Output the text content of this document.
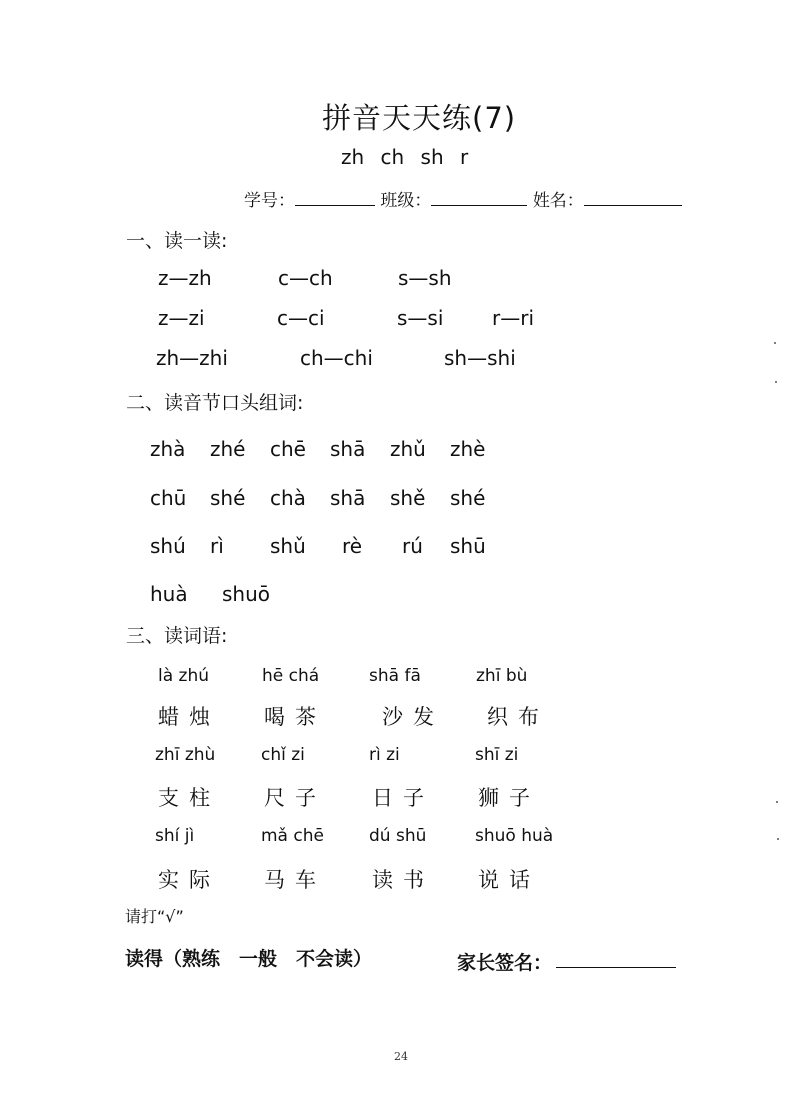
拼音天天练(7)
zh ch sh r
学号：	班级：	姓名：
一、读一读:
z—zh	c—ch	s—sh
z—zi	c—ci	s—si r—ri
zh—zhi	ch—chi	sh—shi
二、读音节口头组词:
zhà zhé chē shā zhǔ zhè
chū shé chà shā shě shé
shú rì shǔ rè rú shū
huà shuō
三、读词语:
là zhú	hē chá	shā fā	zhī bù
蜡烛 喝茶	沙发 织布
zhī zhù	chǐ zi	rì zi	shī zi
支柱 尺子 日子 狮子
shí jì	mǎ chē	dú shū	shuō huà
实际 马车 读书 说话
请打“√”
读得（熟练　一般　不会读）	家长签名：
24
